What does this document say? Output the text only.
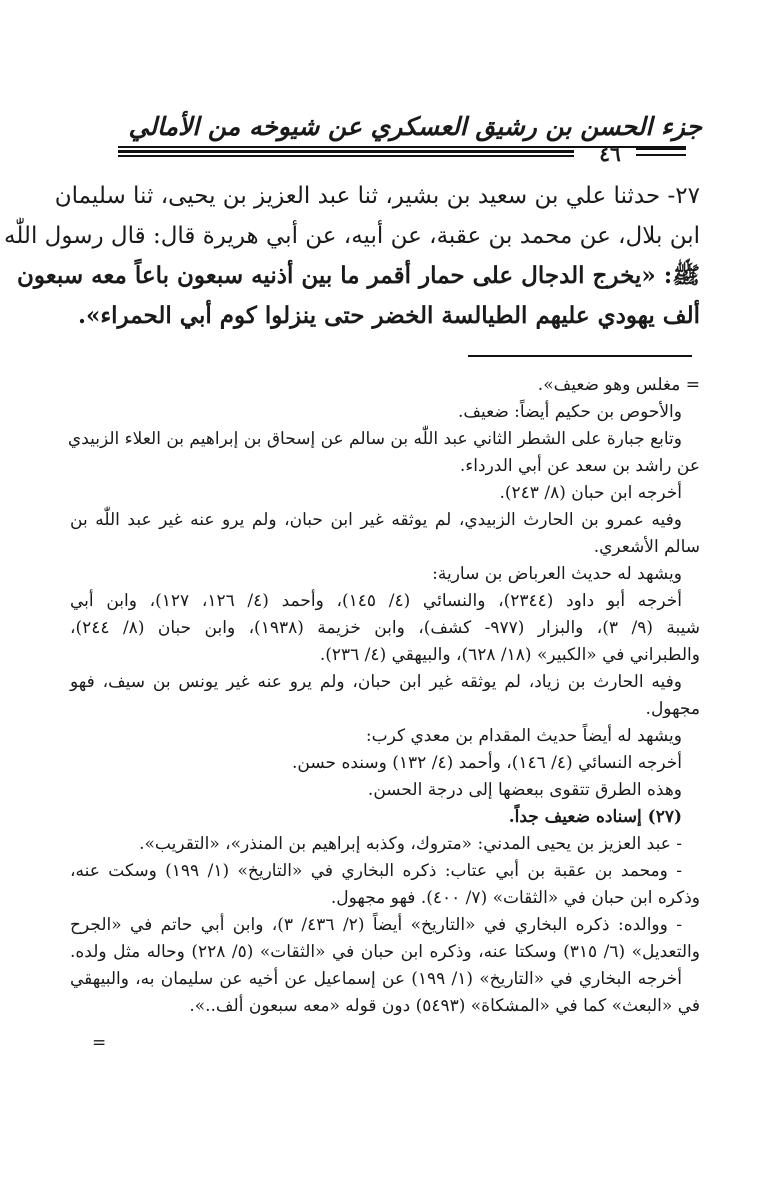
جزء الحسن بن رشيق العسكري عن شيوخه من الأمالي
٤٦
٢٧- حدثنا علي بن سعيد بن بشير، ثنا عبد العزيز بن يحيى، ثنا سليمان
ابن بلال، عن محمد بن عقبة، عن أبيه، عن أبي هريرة قال: قال رسول اللّٰه
ﷺ: «يخرج الدجال على حمار أقمر ما بين أذنيه سبعون باعاً معه سبعون
ألف يهودي عليهم الطيالسة الخضر حتى ينزلوا كوم أبي الحمراء».
= مغلس وهو ضعيف».
والأحوص بن حكيم أيضاً: ضعيف.
وتابع جبارة على الشطر الثاني عبد اللّٰه بن سالم عن إسحاق بن إبراهيم بن العلاء الزبيدي
عن راشد بن سعد عن أبي الدرداء.
أخرجه ابن حبان (٨/ ٢٤٣).
وفيه عمرو بن الحارث الزبيدي، لم يوثقه غير ابن حبان، ولم يرو عنه غير عبد اللّٰه بن
سالم الأشعري.
ويشهد له حديث العرباض بن سارية:
أخرجه أبو داود (٢٣٤٤)، والنسائي (٤/ ١٤٥)، وأحمد (٤/ ١٢٦، ١٢٧)، وابن أبي
شيبة (٩/ ٣)، والبزار (٩٧٧- كشف)، وابن خزيمة (١٩٣٨)، وابن حبان (٨/ ٢٤٤)،
والطبراني في «الكبير» (١٨/ ٦٢٨)، والبيهقي (٤/ ٢٣٦).
وفيه الحارث بن زياد، لم يوثقه غير ابن حبان، ولم يرو عنه غير يونس بن سيف، فهو
مجهول.
ويشهد له أيضاً حديث المقدام بن معدي كرب:
أخرجه النسائي (٤/ ١٤٦)، وأحمد (٤/ ١٣٢) وسنده حسن.
وهذه الطرق تتقوى ببعضها إلى درجة الحسن.
(٢٧) إسناده ضعيف جداً.
- عبد العزيز بن يحيى المدني: «متروك، وكذبه إبراهيم بن المنذر»، «التقريب».
- ومحمد بن عقبة بن أبي عتاب: ذكره البخاري في «التاريخ» (١/ ١٩٩) وسكت عنه،
وذكره ابن حبان في «الثقات» (٧/ ٤٠٠). فهو مجهول.
- ووالده: ذكره البخاري في «التاريخ» أيضاً (٢/ ٤٣٦/ ٣)، وابن أبي حاتم في «الجرح
والتعديل» (٦/ ٣١٥) وسكتا عنه، وذكره ابن حبان في «الثقات» (٥/ ٢٢٨) وحاله مثل ولده.
أخرجه البخاري في «التاريخ» (١/ ١٩٩) عن إسماعيل عن أخيه عن سليمان به، والبيهقي
في «البعث» كما في «المشكاة» (٥٤٩٣) دون قوله «معه سبعون ألف..».
=
